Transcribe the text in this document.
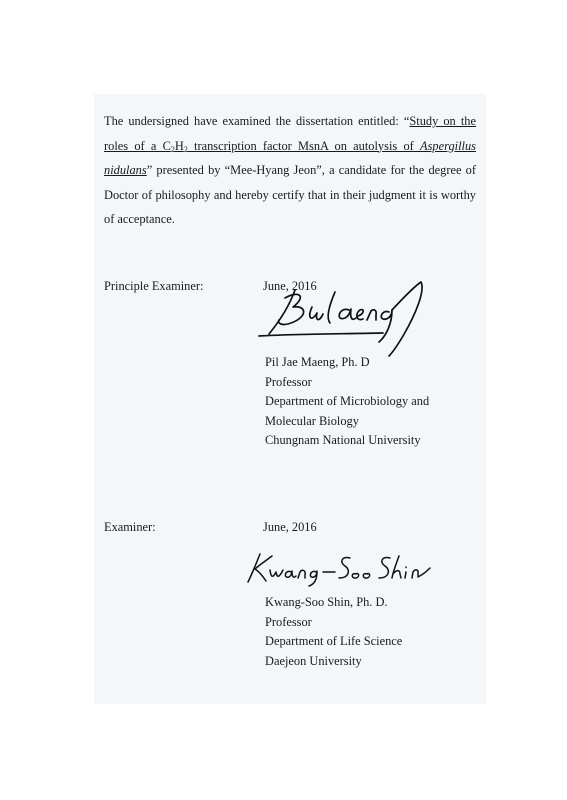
The undersigned have examined the dissertation entitled: “Study on the roles of a $C_2H_2$ transcription factor MsnA on autolysis of Aspergillus nidulans” presented by “Mee-Hyang Jeon”, a candidate for the degree of Doctor of philosophy and hereby certify that in their judgment it is worthy of acceptance.

Principle Examiner:	June, 2016
Pil Jae Maeng, Ph. D
Professor
Department of Microbiology and
Molecular Biology
Chungnam National University
Examiner:	June, 2016
Kwang-Soo Shin, Ph. D.
Professor
Department of Life Science
Daejeon University
